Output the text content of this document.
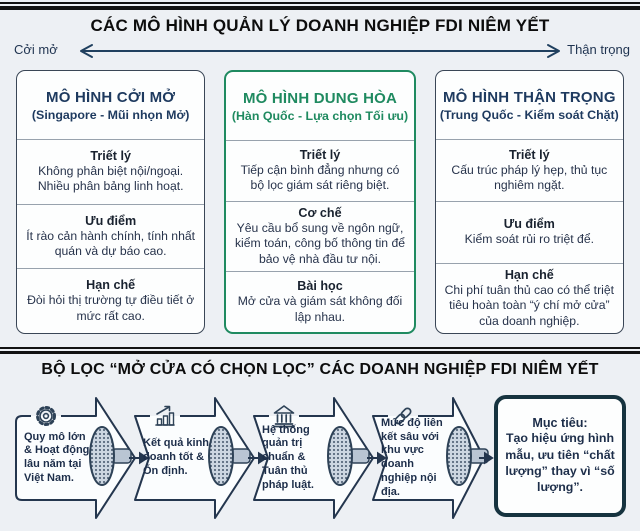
CÁC MÔ HÌNH QUẢN LÝ DOANH NGHIỆP FDI NIÊM YẾT
Cởi mở	Thận trọng
MÔ HÌNH CỞI MỞ
(Singapore - Mũi nhọn Mở)
Triết lý
Không phân biệt nội/ngoại. Nhiều phân bảng linh hoạt.
Ưu điểm
Ít rào cản hành chính, tính nhất quán và dự báo cao.
Hạn chế
Đòi hỏi thị trường tự điều tiết ở mức rất cao.
MÔ HÌNH DUNG HÒA
(Hàn Quốc - Lựa chọn Tối ưu)
Triết lý
Tiếp cận bình đẳng nhưng có bộ lọc giám sát riêng biệt.
Cơ chế
Yêu cầu bổ sung về ngôn ngữ, kiểm toán, công bố thông tin để bảo vệ nhà đầu tư nội.
Bài học
Mở cửa và giám sát không đối lập nhau.
MÔ HÌNH THẬN TRỌNG
(Trung Quốc - Kiểm soát Chặt)
Triết lý
Cấu trúc pháp lý hẹp, thủ tục nghiêm ngặt.
Ưu điểm
Kiểm soát rủi ro triệt để.
Hạn chế
Chi phí tuân thủ cao có thể triệt tiêu hoàn toàn “ý chí mở cửa” của doanh nghiệp.
BỘ LỌC “MỞ CỬA CÓ CHỌN LỌC” CÁC DOANH NGHIỆP FDI NIÊM YẾT
Quy mô lớn & Hoạt động lâu năm tại Việt Nam.
Kết quả kinh doanh tốt & Ổn định.
Hệ thống quản trị chuẩn & Tuân thủ pháp luật.
Mức độ liên kết sâu với khu vực doanh nghiệp nội địa.
Mục tiêu:
Tạo hiệu ứng hình mẫu, ưu tiên “chất lượng” thay vì “số lượng”.
